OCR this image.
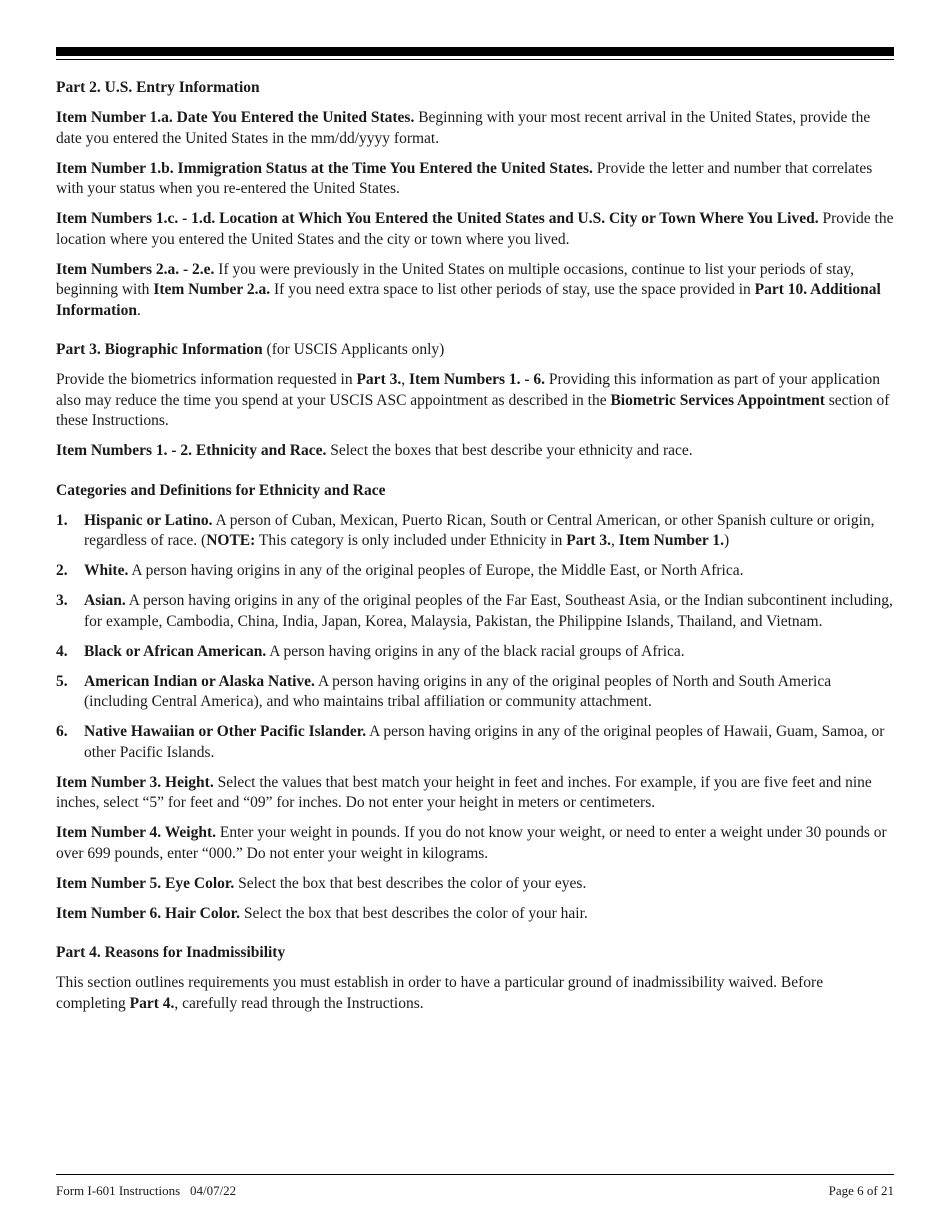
Part 2. U.S. Entry Information

Item Number 1.a. Date You Entered the United States. Beginning with your most recent arrival in the United States, provide the date you entered the United States in the mm/dd/yyyy format.

Item Number 1.b. Immigration Status at the Time You Entered the United States. Provide the letter and number that correlates with your status when you re-entered the United States.

Item Numbers 1.c. - 1.d. Location at Which You Entered the United States and U.S. City or Town Where You Lived. Provide the location where you entered the United States and the city or town where you lived.

Item Numbers 2.a. - 2.e. If you were previously in the United States on multiple occasions, continue to list your periods of stay, beginning with Item Number 2.a. If you need extra space to list other periods of stay, use the space provided in Part 10. Additional Information.

Part 3. Biographic Information (for USCIS Applicants only)

Provide the biometrics information requested in Part 3., Item Numbers 1. - 6. Providing this information as part of your application also may reduce the time you spend at your USCIS ASC appointment as described in the Biometric Services Appointment section of these Instructions.

Item Numbers 1. - 2. Ethnicity and Race. Select the boxes that best describe your ethnicity and race.

Categories and Definitions for Ethnicity and Race
1. Hispanic or Latino. A person of Cuban, Mexican, Puerto Rican, South or Central American, or other Spanish culture or origin, regardless of race. (NOTE: This category is only included under Ethnicity in Part 3., Item Number 1.)
2. White. A person having origins in any of the original peoples of Europe, the Middle East, or North Africa.
3. Asian. A person having origins in any of the original peoples of the Far East, Southeast Asia, or the Indian subcontinent including, for example, Cambodia, China, India, Japan, Korea, Malaysia, Pakistan, the Philippine Islands, Thailand, and Vietnam.
4. Black or African American. A person having origins in any of the black racial groups of Africa.
5. American Indian or Alaska Native. A person having origins in any of the original peoples of North and South America (including Central America), and who maintains tribal affiliation or community attachment.
6. Native Hawaiian or Other Pacific Islander. A person having origins in any of the original peoples of Hawaii, Guam, Samoa, or other Pacific Islands.

Item Number 3. Height. Select the values that best match your height in feet and inches. For example, if you are five feet and nine inches, select “5” for feet and “09” for inches. Do not enter your height in meters or centimeters.

Item Number 4. Weight. Enter your weight in pounds. If you do not know your weight, or need to enter a weight under 30 pounds or over 699 pounds, enter “000.” Do not enter your weight in kilograms.

Item Number 5. Eye Color. Select the box that best describes the color of your eyes.

Item Number 6. Hair Color. Select the box that best describes the color of your hair.

Part 4. Reasons for Inadmissibility

This section outlines requirements you must establish in order to have a particular ground of inadmissibility waived. Before completing Part 4., carefully read through the Instructions.

Form I-601 Instructions   04/07/22	Page 6 of 21
